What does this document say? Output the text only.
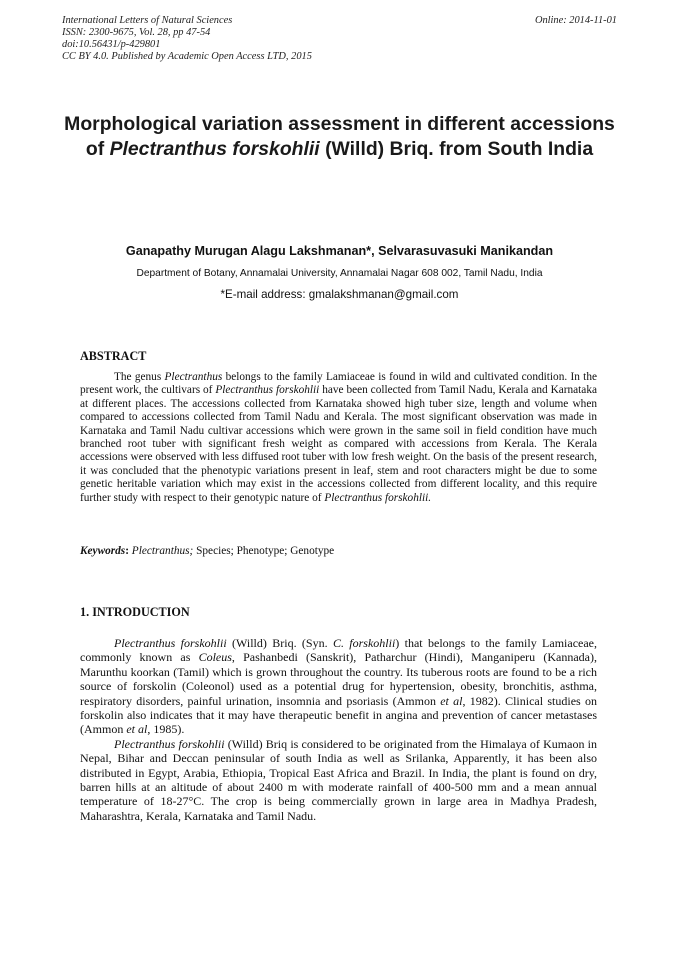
International Letters of Natural Sciences
ISSN: 2300-9675, Vol. 28, pp 47-54
doi:10.56431/p-429801
CC BY 4.0. Published by Academic Open Access LTD, 2015
Online: 2014-11-01
Morphological variation assessment in different accessions of Plectranthus forskohlii (Willd) Briq. from South India
Ganapathy Murugan Alagu Lakshmanan*, Selvarasuvasuki Manikandan
Department of Botany, Annamalai University, Annamalai Nagar 608 002, Tamil Nadu, India
*E-mail address: gmalakshmanan@gmail.com
ABSTRACT

The genus Plectranthus belongs to the family Lamiaceae is found in wild and cultivated condition. In the present work, the cultivars of Plectranthus forskohlii have been collected from Tamil Nadu, Kerala and Karnataka at different places. The accessions collected from Karnataka showed high tuber size, length and volume when compared to accessions collected from Tamil Nadu and Kerala. The most significant observation was made in Karnataka and Tamil Nadu cultivar accessions which were grown in the same soil in field condition have much branched root tuber with significant fresh weight as compared with accessions from Kerala. The Kerala accessions were observed with less diffused root tuber with low fresh weight. On the basis of the present research, it was concluded that the phenotypic variations present in leaf, stem and root characters might be due to some genetic heritable variation which may exist in the accessions collected from different locality, and this require further study with respect to their genotypic nature of Plectranthus forskohlii.

Keywords: Plectranthus; Species; Phenotype; Genotype
1. INTRODUCTION

Plectranthus forskohlii (Willd) Briq. (Syn. C. forskohlii) that belongs to the family Lamiaceae, commonly known as Coleus, Pashanbedi (Sanskrit), Patharchur (Hindi), Manganiperu (Kannada), Marunthu koorkan (Tamil) which is grown throughout the country. Its tuberous roots are found to be a rich source of forskolin (Coleonol) used as a potential drug for hypertension, obesity, bronchitis, asthma, respiratory disorders, painful urination, insomnia and psoriasis (Ammon et al, 1982). Clinical studies on forskolin also indicates that it may have therapeutic benefit in angina and prevention of cancer metastases (Ammon et al, 1985).

Plectranthus forskohlii (Willd) Briq is considered to be originated from the Himalaya of Kumaon in Nepal, Bihar and Deccan peninsular of south India as well as Srilanka, Apparently, it has been also distributed in Egypt, Arabia, Ethiopia, Tropical East Africa and Brazil. In India, the plant is found on dry, barren hills at an altitude of about 2400 m with moderate rainfall of 400-500 mm and a mean annual temperature of 18-27°C. The crop is being commercially grown in large area in Madhya Pradesh, Maharashtra, Kerala, Karnataka and Tamil Nadu.
